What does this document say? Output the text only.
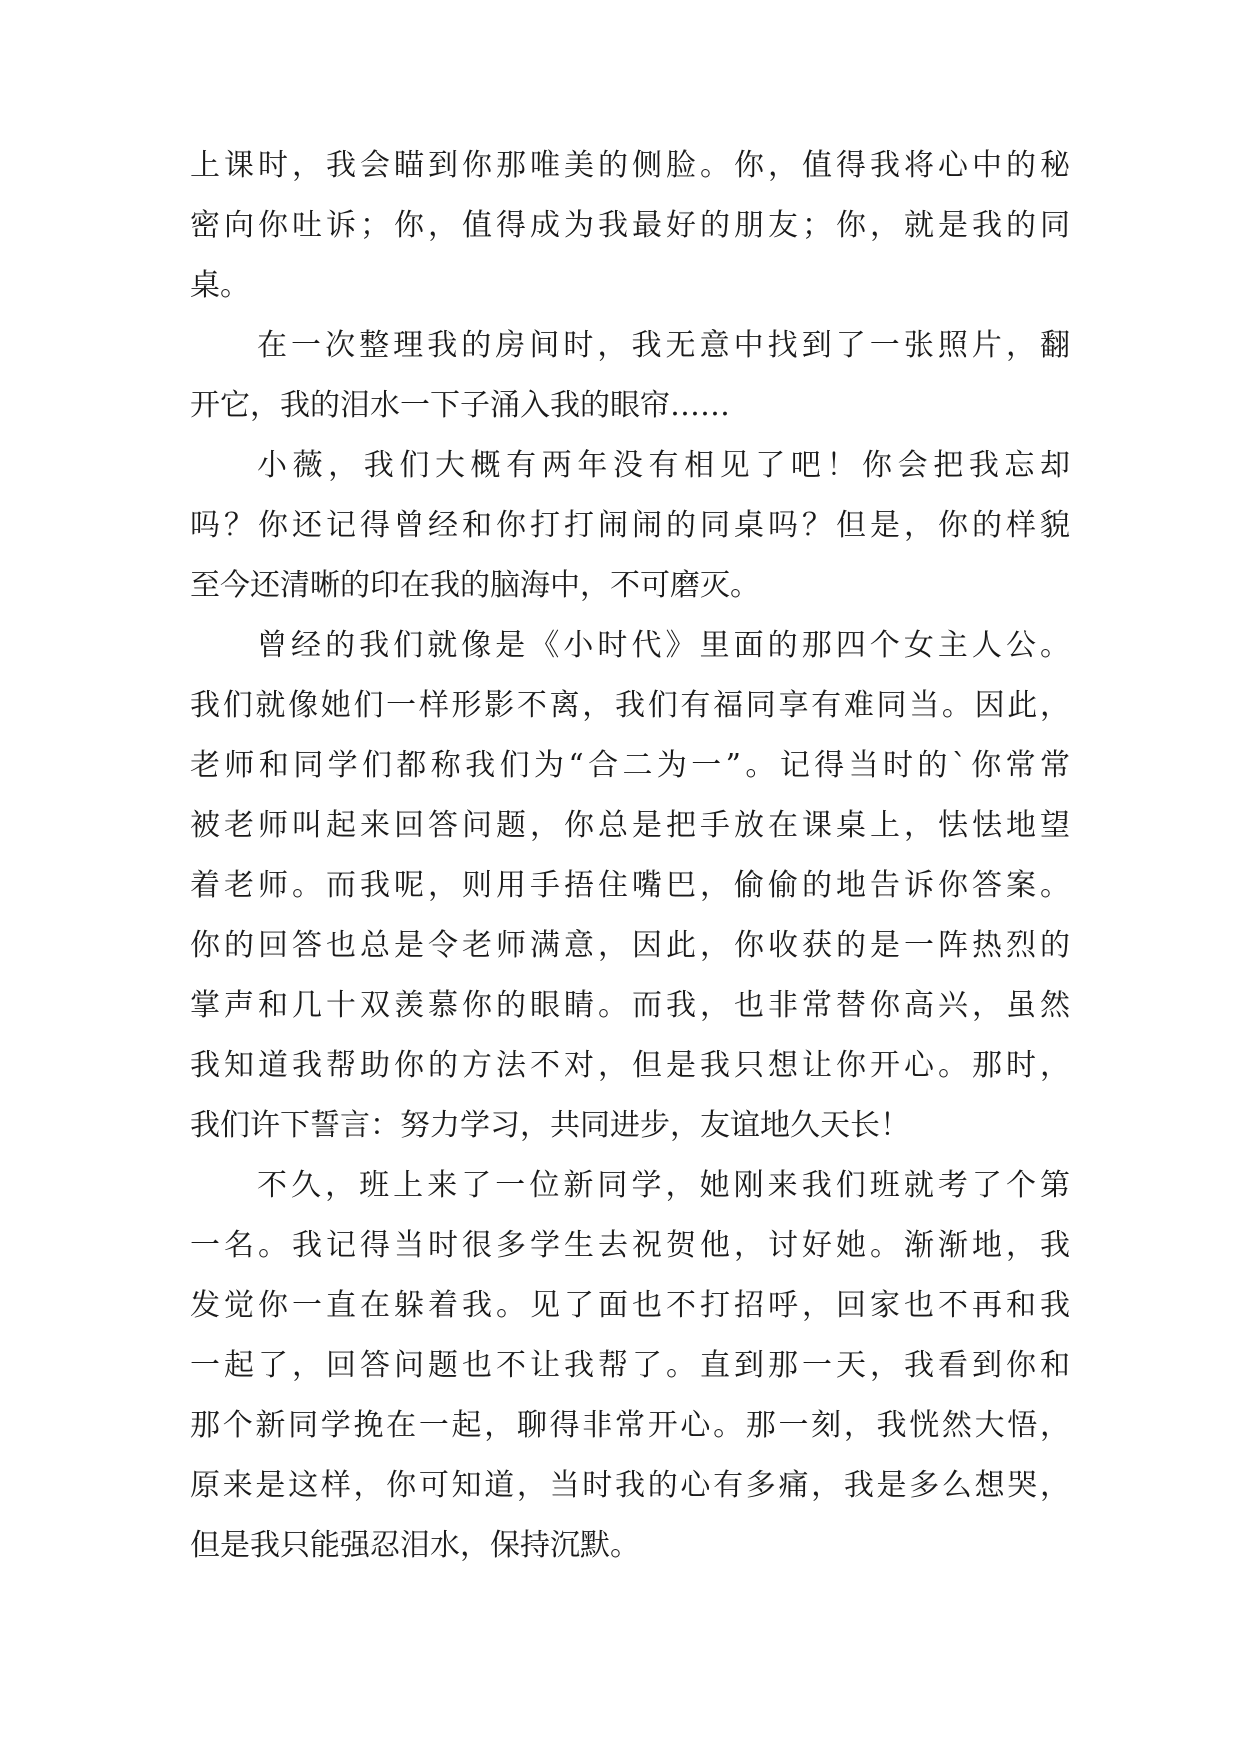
上课时，我会瞄到你那唯美的侧脸。你，值得我将心中的秘
密向你吐诉；你，值得成为我最好的朋友；你，就是我的同
桌。
在一次整理我的房间时，我无意中找到了一张照片，翻
开它，我的泪水一下子涌入我的眼帘……
小薇，我们大概有两年没有相见了吧！你会把我忘却
吗？你还记得曾经和你打打闹闹的同桌吗？但是，你的样貌
至今还清晰的印在我的脑海中，不可磨灭。
曾经的我们就像是《小时代》里面的那四个女主人公。
我们就像她们一样形影不离，我们有福同享有难同当。因此，
老师和同学们都称我们为“合二为一”。记得当时的`你常常
被老师叫起来回答问题，你总是把手放在课桌上，怯怯地望
着老师。而我呢，则用手捂住嘴巴，偷偷的地告诉你答案。
你的回答也总是令老师满意，因此，你收获的是一阵热烈的
掌声和几十双羡慕你的眼睛。而我，也非常替你高兴，虽然
我知道我帮助你的方法不对，但是我只想让你开心。那时，
我们许下誓言：努力学习，共同进步，友谊地久天长！
不久，班上来了一位新同学，她刚来我们班就考了个第
一名。我记得当时很多学生去祝贺他，讨好她。渐渐地，我
发觉你一直在躲着我。见了面也不打招呼，回家也不再和我
一起了，回答问题也不让我帮了。直到那一天，我看到你和
那个新同学挽在一起，聊得非常开心。那一刻，我恍然大悟，
原来是这样，你可知道，当时我的心有多痛，我是多么想哭，
但是我只能强忍泪水，保持沉默。
